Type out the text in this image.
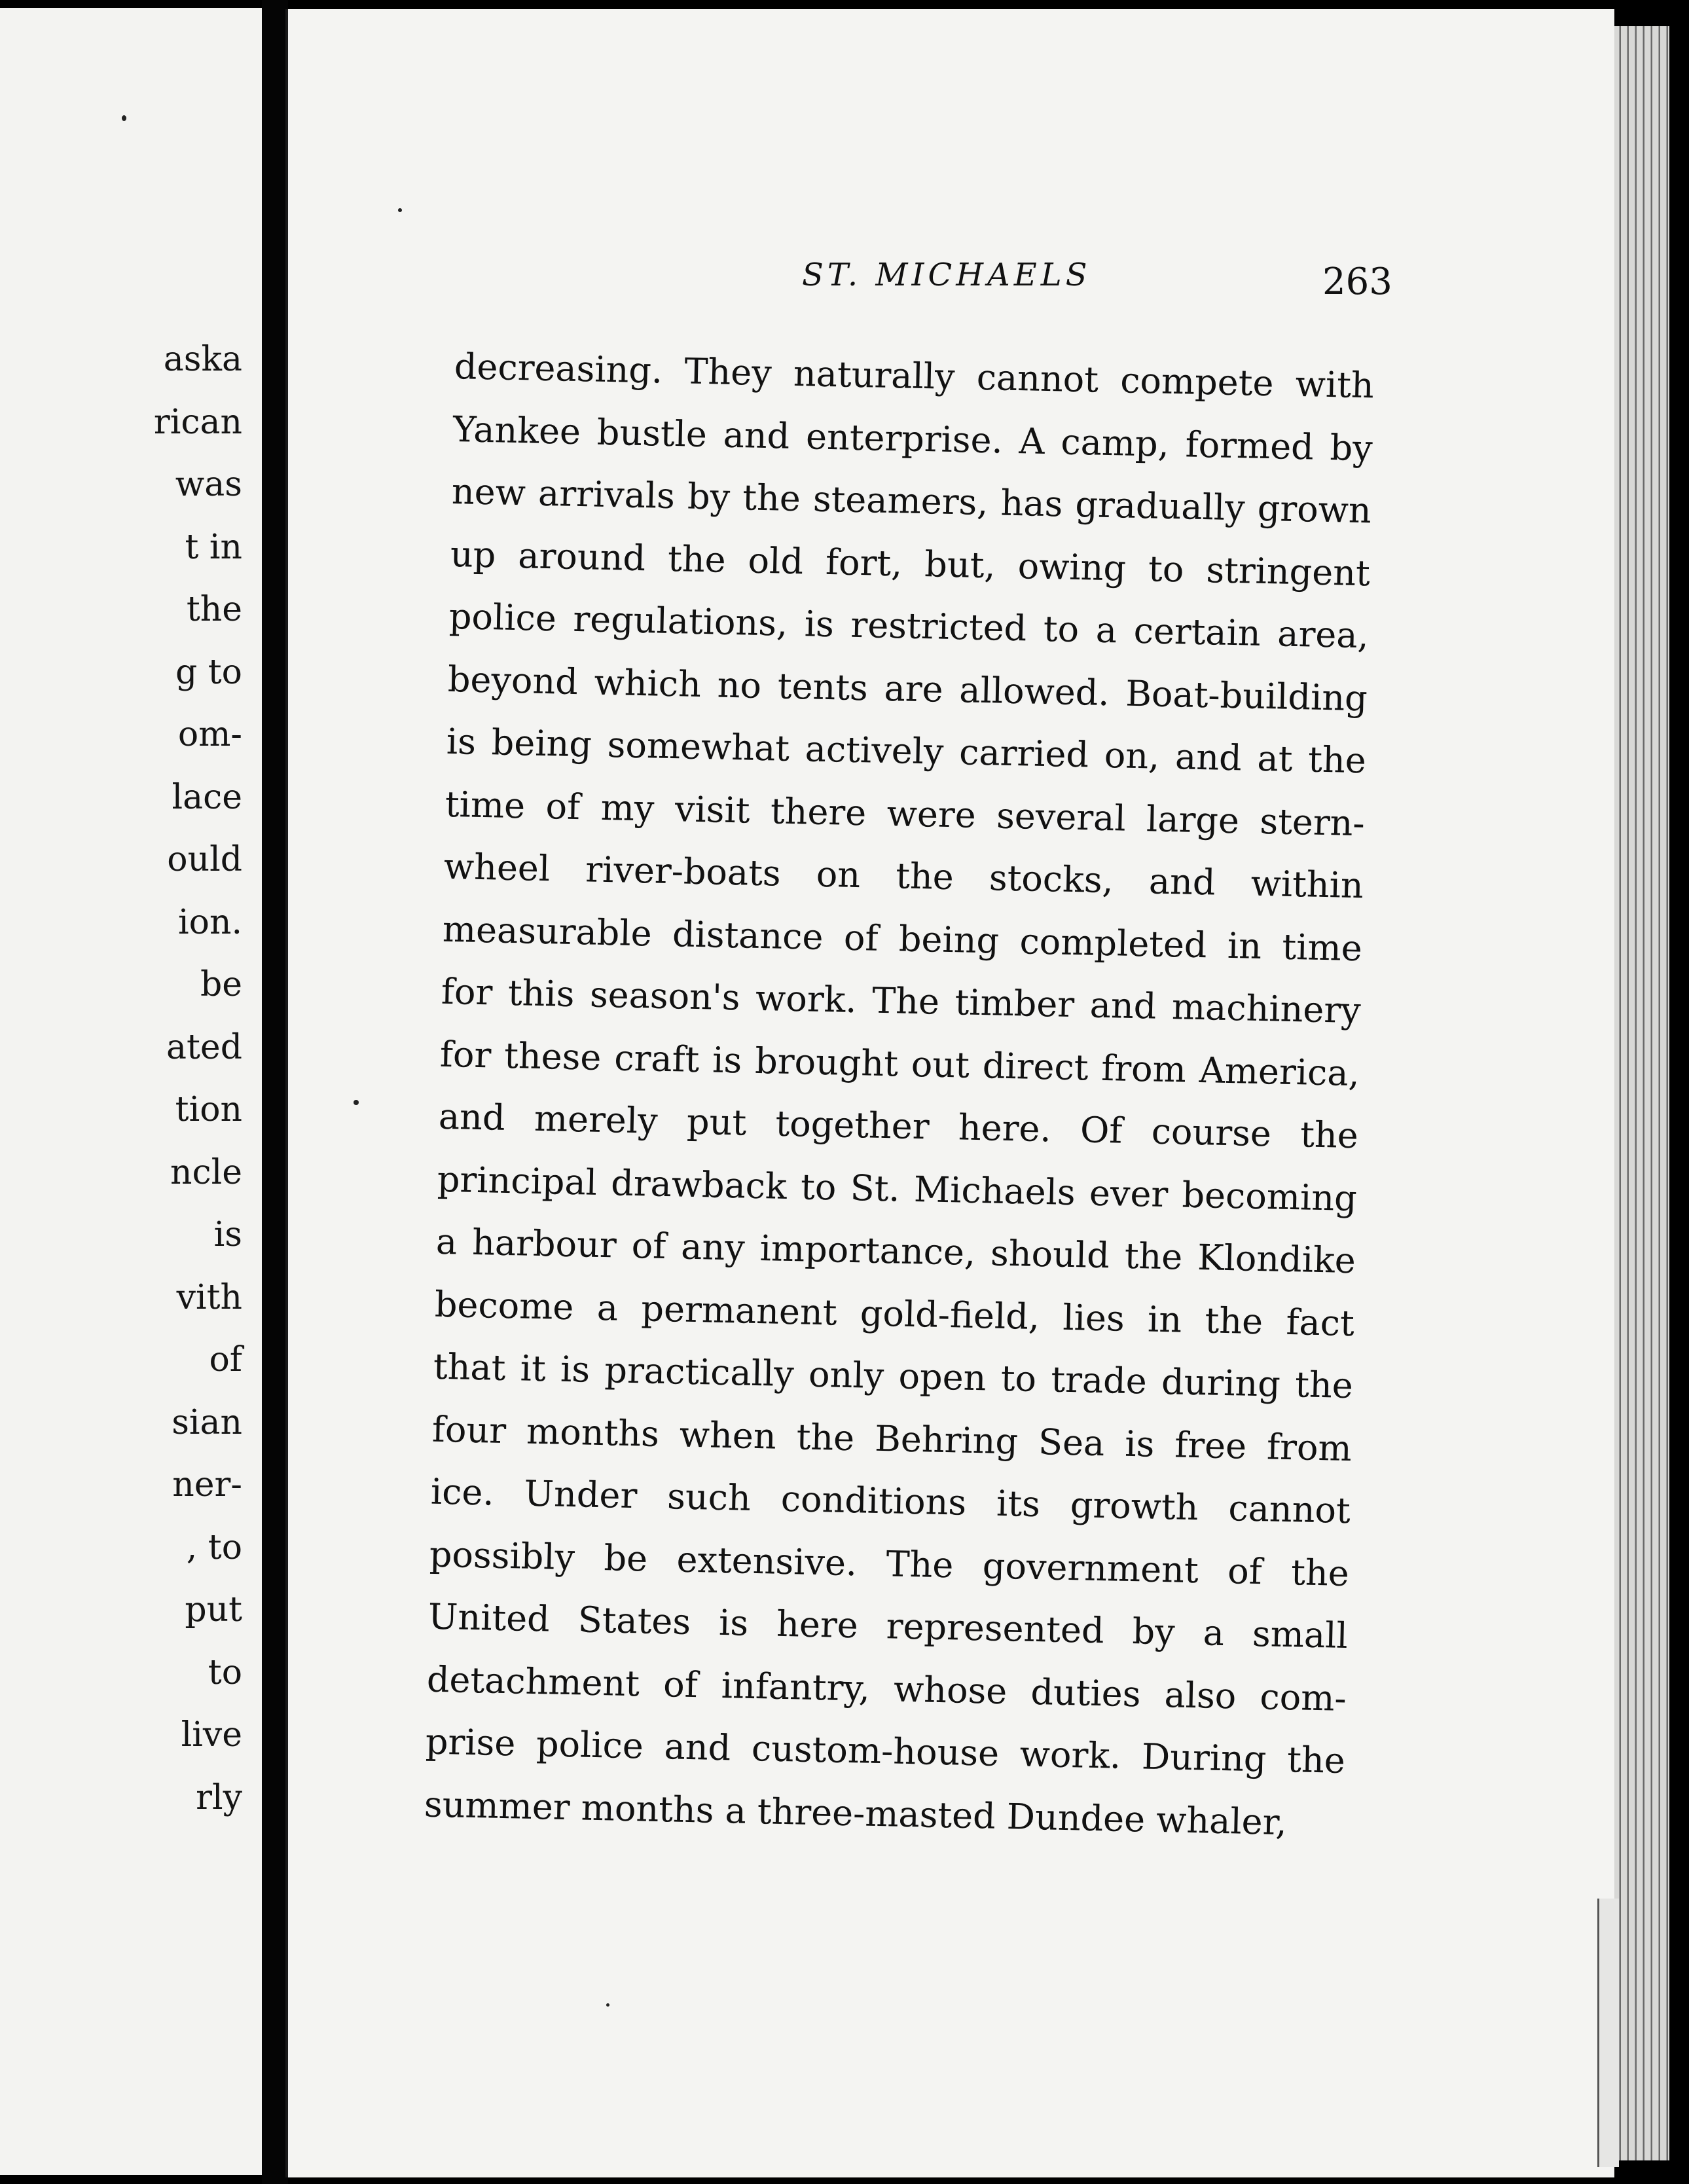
aska
rican
was
t in
the
g to
om-
lace
ould
ion.
be
ated
tion
ncle
is
vith
of
sian
ner-
, to
put
to
live
rly
ST. MICHAELS	263
decreasing. They naturally cannot compete with
Yankee bustle and enterprise. A camp, formed by
new arrivals by the steamers, has gradually grown
up around the old fort, but, owing to stringent
police regulations, is restricted to a certain area,
beyond which no tents are allowed. Boat-building
is being somewhat actively carried on, and at the
time of my visit there were several large stern-
wheel river-boats on the stocks, and within
measurable distance of being completed in time
for this season's work. The timber and machinery
for these craft is brought out direct from America,
and merely put together here. Of course the
principal drawback to St. Michaels ever becoming
a harbour of any importance, should the Klondike
become a permanent gold-field, lies in the fact
that it is practically only open to trade during the
four months when the Behring Sea is free from
ice. Under such conditions its growth cannot
possibly be extensive. The government of the
United States is here represented by a small
detachment of infantry, whose duties also com-
prise police and custom-house work. During the
summer months a three-masted Dundee whaler,
